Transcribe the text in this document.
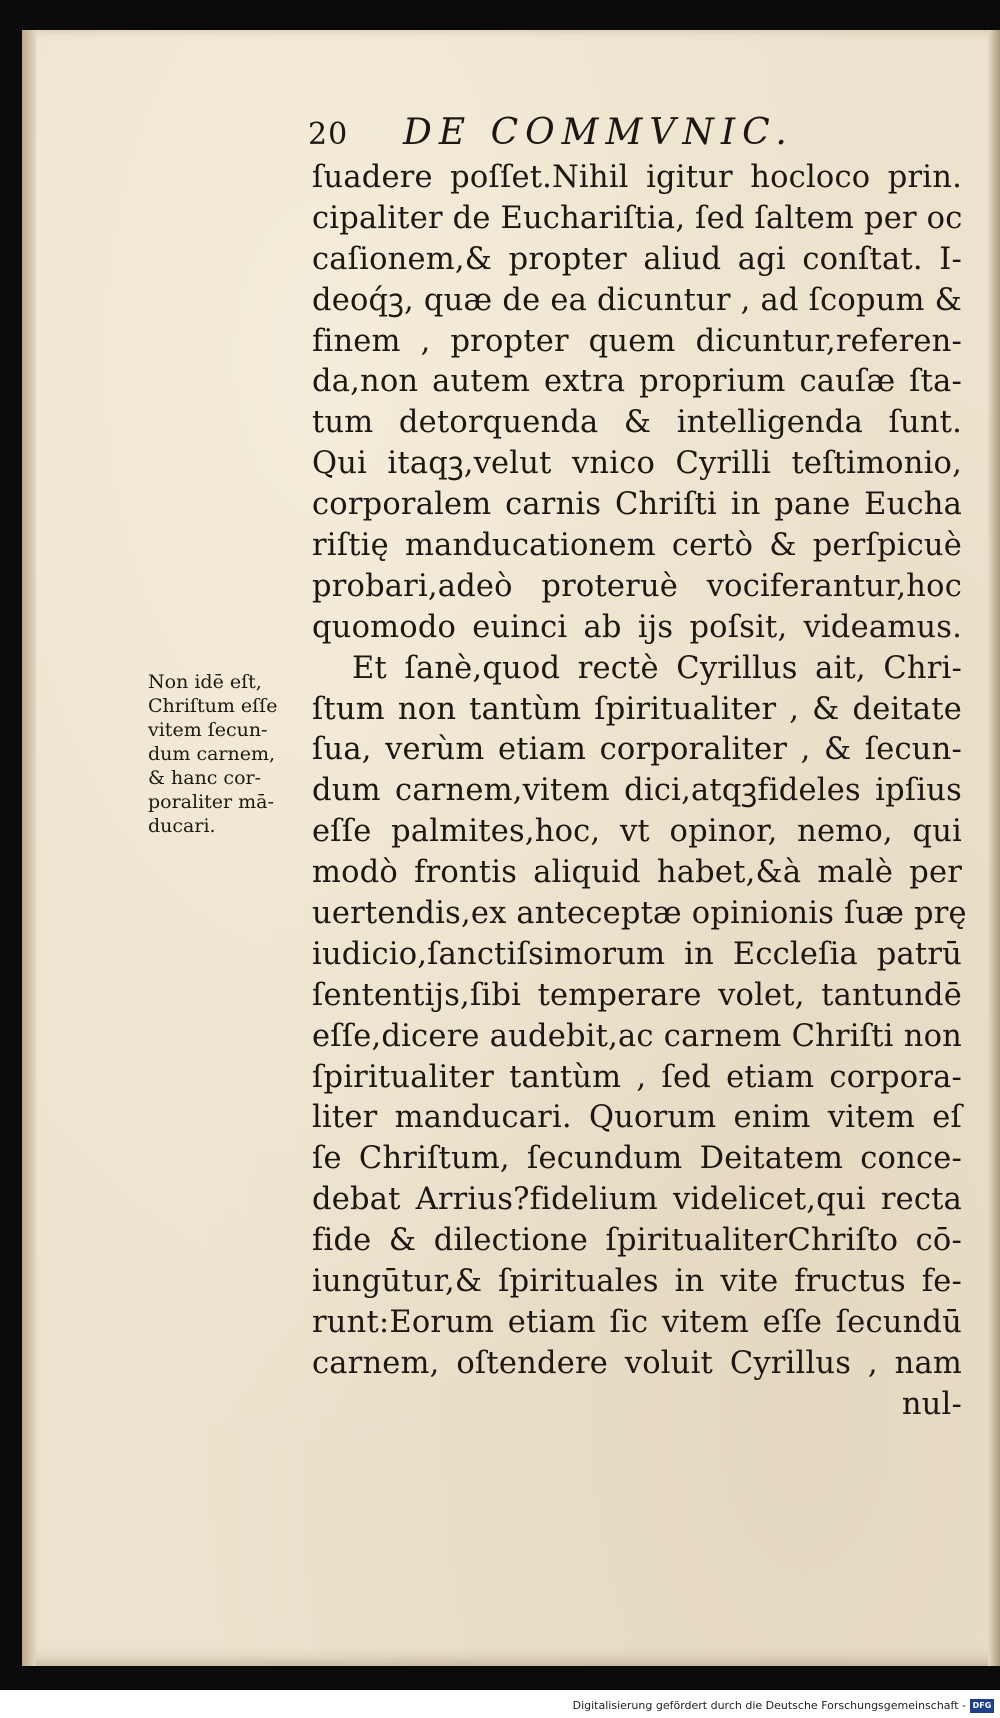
20	DE COMMVNIC.
ſuadere poſſet.Nihil igitur hocloco prin.
cipaliter de Euchariſtia, ſed ſaltem per oc
caſionem,& propter aliud agi conſtat. I-
deoq́ꝫ, quæ de ea dicuntur , ad ſcopum &
finem , propter quem dicuntur,referen-
da,non autem extra proprium cauſæ ſta-
tum detorquenda & intelligenda ſunt.
Qui itaqꝫ,velut vnico Cyrilli teſtimonio,
corporalem carnis Chriſti in pane Eucha
riſtię manducationem certò & perſpicuè
probari,adeò proteruè vociferantur,hoc
quomodo euinci ab ijs poſsit, videamus.
Et ſanè,quod rectè Cyrillus ait, Chri-
ſtum non tantùm ſpiritualiter , & deitate
ſua, verùm etiam corporaliter , & ſecun-
dum carnem,vitem dici,atqꝫfideles ipſius
eſſe palmites,hoc, vt opinor, nemo, qui
modò frontis aliquid habet,&à malè per
uertendis,ex anteceptæ opinionis ſuæ prę
iudicio,ſanctiſsimorum in Eccleſia patrū
ſententijs,ſibi temperare volet, tantundē
eſſe,dicere audebit,ac carnem Chriſti non
ſpiritualiter tantùm , ſed etiam corpora-
liter manducari. Quorum enim vitem eſ
ſe Chriſtum, ſecundum Deitatem conce-
debat Arrius?fidelium videlicet,qui recta
fide & dilectione ſpiritualiterChriſto cō-
iungūtur,& ſpirituales in vite fructus fe-
runt:Eorum etiam ſic vitem eſſe ſecundū
carnem, oſtendere voluit Cyrillus , nam
nul-
Non idē eſt,
Chriſtum eſſe
vitem ſecun-
dum carnem,
& hanc cor-
poraliter mā-
ducari.
Digitalisierung gefördert durch die Deutsche Forschungsgemeinschaft - DFG
